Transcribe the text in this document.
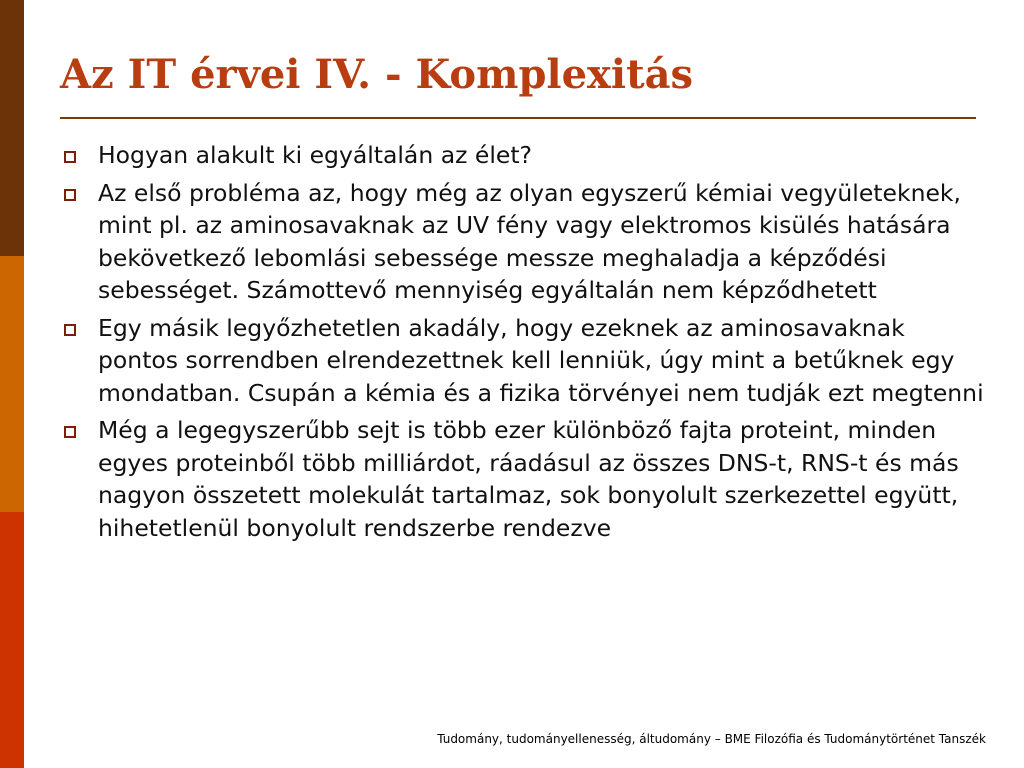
Az IT érvei IV. - Komplexitás
Hogyan alakult ki egyáltalán az élet?
Az első probléma az, hogy még az olyan egyszerű kémiai vegyületeknek, mint pl. az aminosavaknak az UV fény vagy elektromos kisülés hatására bekövetkező lebomlási sebessége messze meghaladja a képződési sebességet. Számottevő mennyiség egyáltalán nem képződhetett
Egy másik legyőzhetetlen akadály, hogy ezeknek az aminosavaknak pontos sorrendben elrendezettnek kell lenniük, úgy mint a betűknek egy mondatban. Csupán a kémia és a fizika törvényei nem tudják ezt megtenni
Még a legegyszerűbb sejt is több ezer különböző fajta proteint, minden egyes proteinből több milliárdot, ráadásul az összes DNS-t, RNS-t és más nagyon összetett molekulát tartalmaz, sok bonyolult szerkezettel együtt, hihetetlenül bonyolult rendszerbe rendezve
Tudomány, tudományellenesség, áltudomány – BME Filozófia és Tudománytörténet Tanszék
